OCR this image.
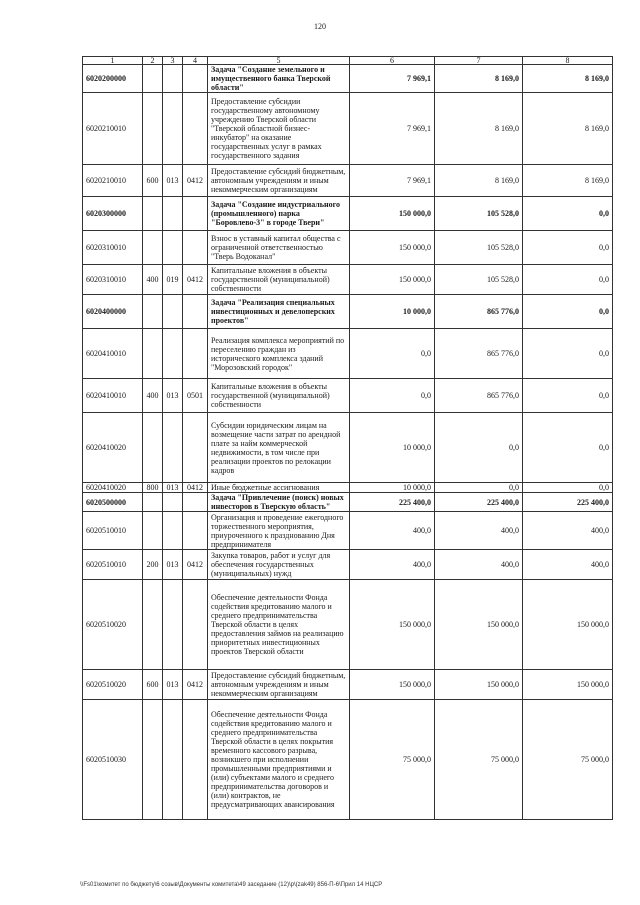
120
1	2	3	4	5	6	7	8
6020200000				Задача "Создание земельного и имущественного банка Тверской области"	7 969,1	8 169,0	8 169,0
6020210010				Предоставление субсидии государственному автономному учреждению Тверской области "Тверской областной бизнес-инкубатор" на оказание государственных услуг в рамках государственного задания	7 969,1	8 169,0	8 169,0
6020210010	600	013	0412	Предоставление субсидий бюджетным, автономным учреждениям и иным некоммерческим организациям	7 969,1	8 169,0	8 169,0
6020300000				Задача "Создание индустриального (промышленного) парка "Боровлево-3" в городе Твери"	150 000,0	105 528,0	0,0
6020310010				Взнос в уставный капитал общества с ограниченной ответственностью "Тверь Водоканал"	150 000,0	105 528,0	0,0
6020310010	400	019	0412	Капитальные вложения в объекты государственной (муниципальной) собственности	150 000,0	105 528,0	0,0
6020400000				Задача "Реализация специальных инвестиционных и девелоперских проектов"	10 000,0	865 776,0	0,0
6020410010				Реализация комплекса мероприятий по переселению граждан из исторического комплекса зданий "Морозовский городок"	0,0	865 776,0	0,0
6020410010	400	013	0501	Капитальные вложения в объекты государственной (муниципальной) собственности	0,0	865 776,0	0,0
6020410020				Субсидии юридическим лицам на возмещение части затрат по арендной плате за найм коммерческой недвижимости, в том числе при реализации проектов по релокации кадров	10 000,0	0,0	0,0
6020410020	800	013	0412	Иные бюджетные ассигнования	10 000,0	0,0	0,0
6020500000				Задача "Привлечение (поиск) новых инвесторов в Тверскую область"	225 400,0	225 400,0	225 400,0
6020510010				Организация и проведение ежегодного торжественного мероприятия, приуроченного к празднованию Дня предпринимателя	400,0	400,0	400,0
6020510010	200	013	0412	Закупка товаров, работ и услуг для обеспечения государственных (муниципальных) нужд	400,0	400,0	400,0
6020510020				Обеспечение деятельности Фонда содействия кредитованию малого и среднего предпринимательства Тверской области в целях предоставления займов на реализацию приоритетных инвестиционных проектов Тверской области	150 000,0	150 000,0	150 000,0
6020510020	600	013	0412	Предоставление субсидий бюджетным, автономным учреждениям и иным некоммерческим организациям	150 000,0	150 000,0	150 000,0
6020510030				Обеспечение деятельности Фонда содействия кредитованию малого и среднего предпринимательства Тверской области в целях покрытия временного кассового разрыва, возникшего при исполнении промышленными предприятиями и (или) субъектами малого и среднего предпринимательства договоров и (или) контрактов, не предусматривающих авансирования	75 000,0	75 000,0	75 000,0
\\Fs01\комитет по бюджету\6 созыв\Документы комитета\49 заседание (12)\p\(zаk49) 856-П-6\Прил 14 НЦСР
